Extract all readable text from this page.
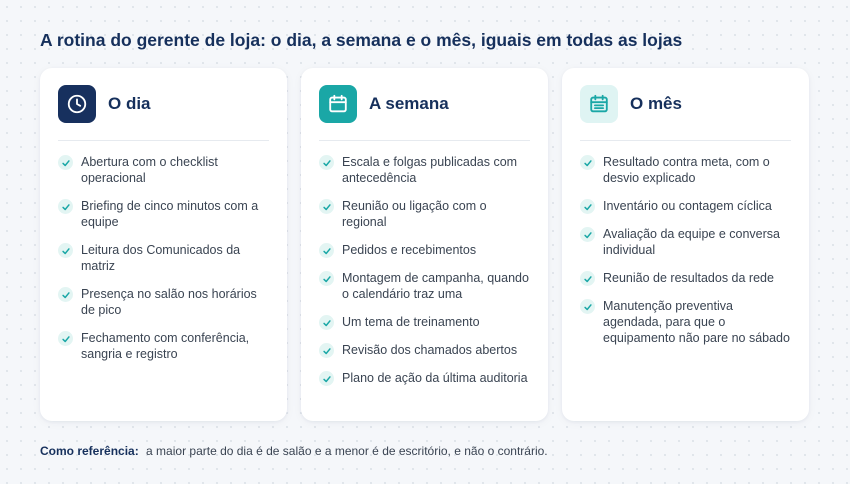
A rotina do gerente de loja: o dia, a semana e o mês, iguais em todas as lojas
O dia
Abertura com o checklist operacional
Briefing de cinco minutos com a equipe
Leitura dos Comunicados da matriz
Presença no salão nos horários de pico
Fechamento com conferência, sangria e registro
A semana
Escala e folgas publicadas com antecedência
Reunião ou ligação com o regional
Pedidos e recebimentos
Montagem de campanha, quando o calendário traz uma
Um tema de treinamento
Revisão dos chamados abertos
Plano de ação da última auditoria
O mês
Resultado contra meta, com o desvio explicado
Inventário ou contagem cíclica
Avaliação da equipe e conversa individual
Reunião de resultados da rede
Manutenção preventiva agendada, para que o equipamento não pare no sábado

Como referência: a maior parte do dia é de salão e a menor é de escritório, e não o contrário.
